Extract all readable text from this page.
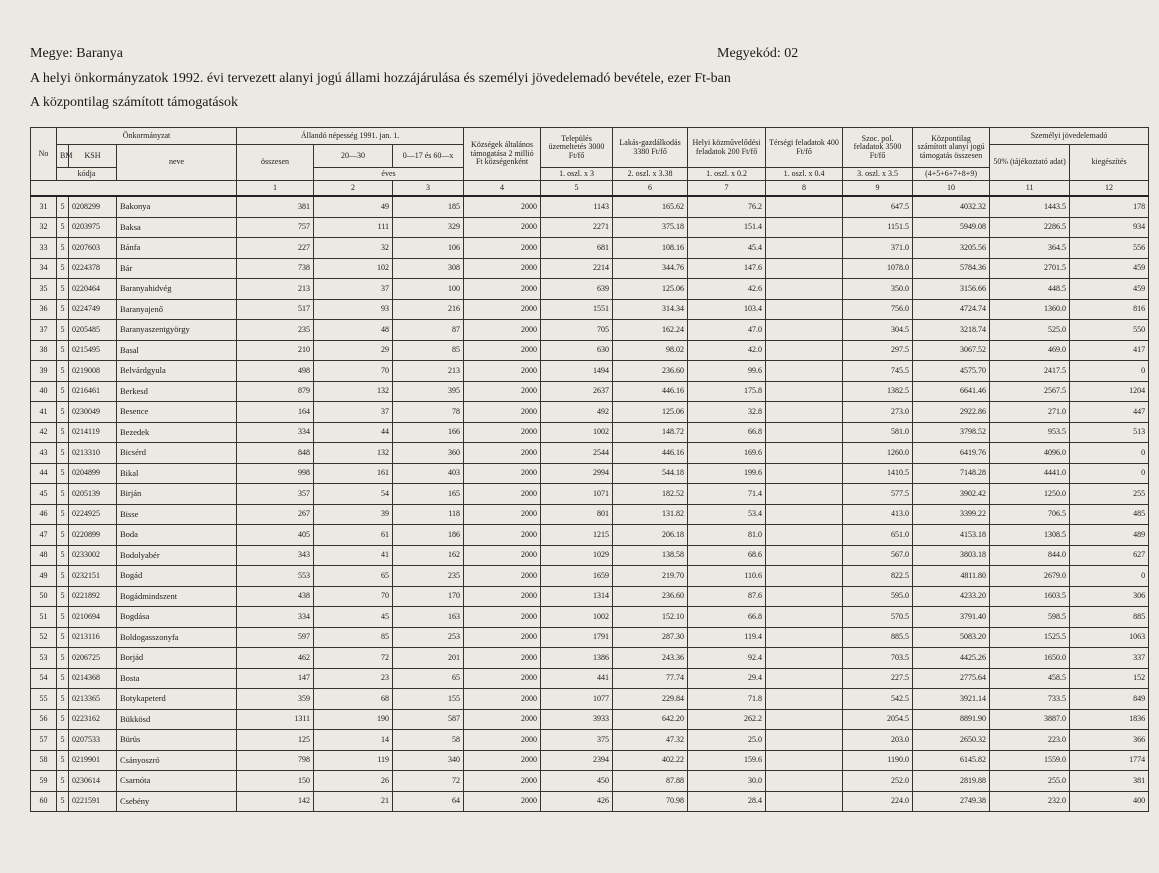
Megye: Baranya	Megyekód: 02
A helyi önkormányzatok 1992. évi tervezett alanyi jogú állami hozzájárulása és személyi jövedelemadó bevétele, ezer Ft-ban
A központilag számított támogatások
No	Önkormányzat			Állandó népesség 1991. jan. 1.			Községek általános támogatása 2 millió Ft községenként	Település üzemeltetés 3000 Ft/fő	Lakás-gazdálkodás 3380 Ft/fő	Helyi közművelődési feladatok 200 Ft/fő	Térségi feladatok 400 Ft/fő	Szoc. pol. feladatok 3500 Ft/fő	Központilag számított alanyi jogú támogatás összesen	Személyi jövedelemadó	
	BM	KSH	neve	összesen	20—30	0—17 és 60—x								50% (tájékoztató adat)	kiegészítés
	kódja				éves			1. oszl. x 3	2. oszl. x 3.38	1. oszl. x 0.2	1. oszl. x 0.4	3. oszl. x 3.5	(4+5+6+7+8+9)		
				1	2	3	4	5	6	7	8	9	10	11	12
31	5	0208299	Bakonya	381	49	185	2000	1143	165.62	76.2		647.5	4032.32	1443.5	178
32	5	0203975	Baksa	757	111	329	2000	2271	375.18	151.4		1151.5	5949.08	2286.5	934
33	5	0207603	Bánfa	227	32	106	2000	681	108.16	45.4		371.0	3205.56	364.5	556
34	5	0224378	Bár	738	102	308	2000	2214	344.76	147.6		1078.0	5784.36	2701.5	459
35	5	0220464	Baranyahidvég	213	37	100	2000	639	125.06	42.6		350.0	3156.66	448.5	459
36	5	0224749	Baranyajenő	517	93	216	2000	1551	314.34	103.4		756.0	4724.74	1360.0	816
37	5	0205485	Baranyaszentgyörgy	235	48	87	2000	705	162.24	47.0		304.5	3218.74	525.0	550
38	5	0215495	Basal	210	29	85	2000	630	98.02	42.0		297.5	3067.52	469.0	417
39	5	0219008	Belvárdgyula	498	70	213	2000	1494	236.60	99.6		745.5	4575.70	2417.5	0
40	5	0216461	Berkesd	879	132	395	2000	2637	446.16	175.8		1382.5	6641.46	2567.5	1204
41	5	0230049	Besence	164	37	78	2000	492	125.06	32.8		273.0	2922.86	271.0	447
42	5	0214119	Bezedek	334	44	166	2000	1002	148.72	66.8		581.0	3798.52	953.5	513
43	5	0213310	Bicsérd	848	132	360	2000	2544	446.16	169.6		1260.0	6419.76	4096.0	0
44	5	0204899	Bikal	998	161	403	2000	2994	544.18	199.6		1410.5	7148.28	4441.0	0
45	5	0205139	Birján	357	54	165	2000	1071	182.52	71.4		577.5	3902.42	1250.0	255
46	5	0224925	Bisse	267	39	118	2000	801	131.82	53.4		413.0	3399.22	706.5	485
47	5	0220899	Boda	405	61	186	2000	1215	206.18	81.0		651.0	4153.18	1308.5	489
48	5	0233002	Bodolyabér	343	41	162	2000	1029	138.58	68.6		567.0	3803.18	844.0	627
49	5	0232151	Bogád	553	65	235	2000	1659	219.70	110.6		822.5	4811.80	2679.0	0
50	5	0221892	Bogádmindszent	438	70	170	2000	1314	236.60	87.6		595.0	4233.20	1603.5	306
51	5	0210694	Bogdása	334	45	163	2000	1002	152.10	66.8		570.5	3791.40	598.5	885
52	5	0213116	Boldogasszonyfa	597	85	253	2000	1791	287.30	119.4		885.5	5083.20	1525.5	1063
53	5	0206725	Borjád	462	72	201	2000	1386	243.36	92.4		703.5	4425.26	1650.0	337
54	5	0214368	Bosta	147	23	65	2000	441	77.74	29.4		227.5	2775.64	458.5	152
55	5	0213365	Botykapeterd	359	68	155	2000	1077	229.84	71.8		542.5	3921.14	733.5	849
56	5	0223162	Bükkösd	1311	190	587	2000	3933	642.20	262.2		2054.5	8891.90	3887.0	1836
57	5	0207533	Bürüs	125	14	58	2000	375	47.32	25.0		203.0	2650.32	223.0	366
58	5	0219901	Csányoszró	798	119	340	2000	2394	402.22	159.6		1190.0	6145.82	1559.0	1774
59	5	0230614	Csarnóta	150	26	72	2000	450	87.88	30.0		252.0	2819.88	255.0	381
60	5	0221591	Csebény	142	21	64	2000	426	70.98	28.4		224.0	2749.38	232.0	400
